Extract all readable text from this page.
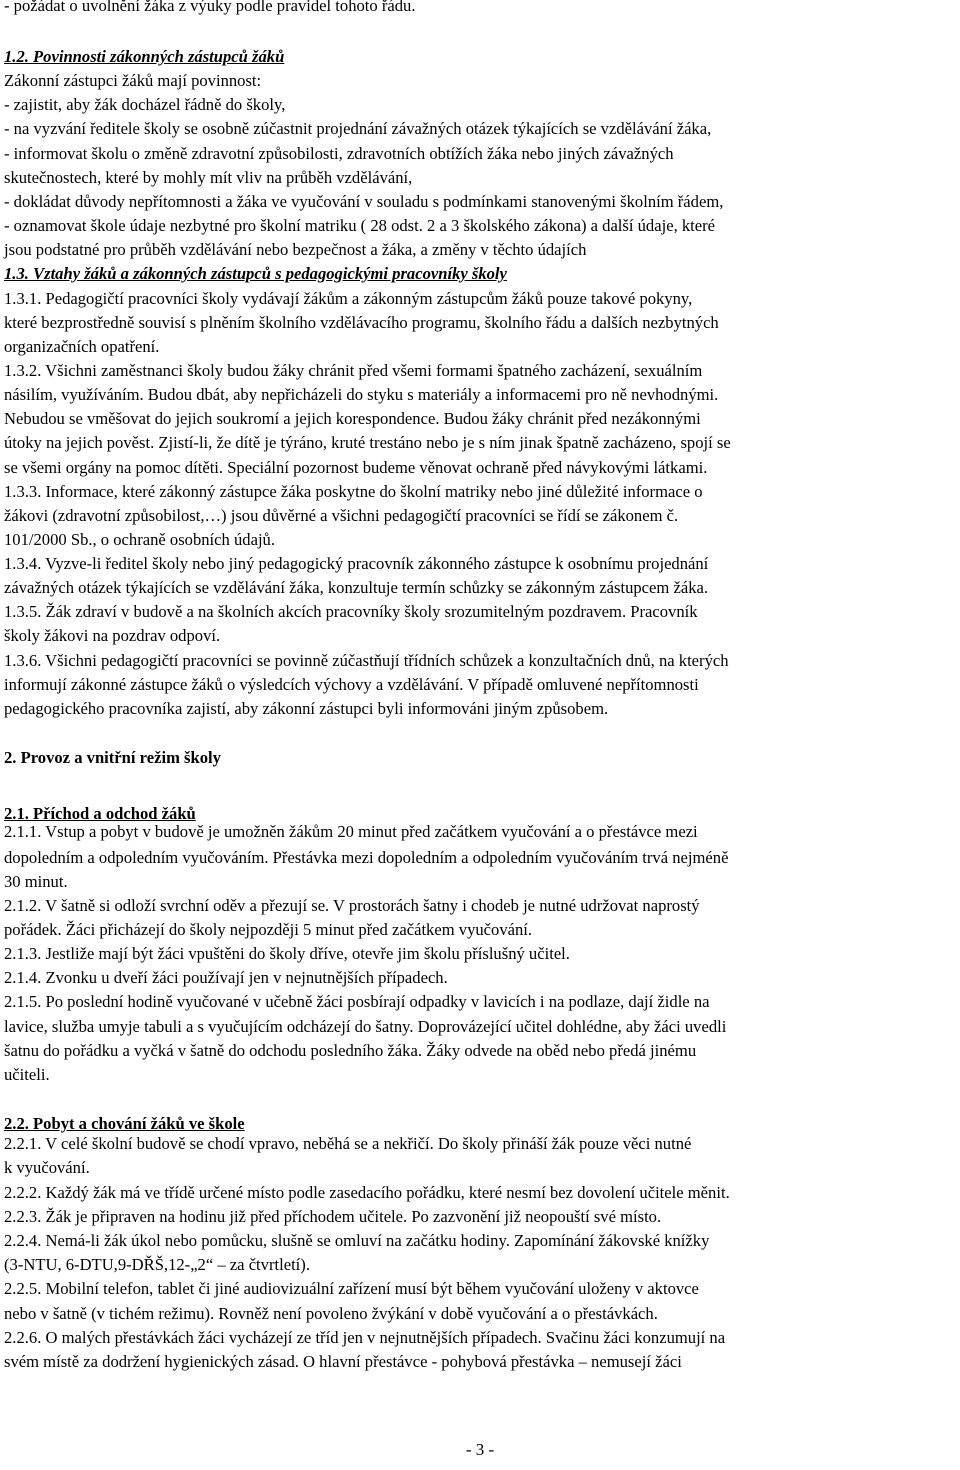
- požádat o uvolnění žáka z výuky podle pravidel tohoto řádu.
1.2. Povinnosti zákonných zástupců žáků
Zákonní zástupci žáků mají povinnost:
- zajistit, aby žák docházel řádně do školy,
- na vyzvání ředitele školy se osobně zúčastnit projednání závažných otázek týkajících se vzdělávání žáka,
- informovat školu o změně zdravotní způsobilosti, zdravotních obtížích žáka nebo jiných závažných
skutečnostech, které by mohly mít vliv na průběh vzdělávání,
- dokládat důvody nepřítomnosti a žáka ve vyučování v souladu s podmínkami stanovenými školním řádem,
- oznamovat škole údaje nezbytné pro školní matriku ( 28 odst. 2 a 3 školského zákona) a další údaje, které
jsou podstatné pro průběh vzdělávání nebo bezpečnost a žáka, a změny v těchto údajích
1.3. Vztahy žáků a zákonných zástupců s pedagogickými pracovníky školy
1.3.1. Pedagogičtí pracovníci školy vydávají žákům a zákonným zástupcům žáků pouze takové pokyny,
které bezprostředně souvisí s plněním školního vzdělávacího programu, školního řádu a dalších nezbytných
organizačních opatření.
1.3.2. Všichni zaměstnanci školy budou žáky chránit před všemi formami špatného zacházení, sexuálním
násilím, využíváním. Budou dbát, aby nepřicházeli do styku s materiály a informacemi pro ně nevhodnými.
Nebudou se vměšovat do jejich soukromí a jejich korespondence. Budou žáky chránit před nezákonnými
útoky na jejich pověst. Zjistí-li, že dítě je týráno, kruté trestáno nebo je s ním jinak špatně zacházeno, spojí se
se všemi orgány na pomoc dítěti. Speciální pozornost budeme věnovat ochraně před návykovými látkami.
1.3.3. Informace, které zákonný zástupce žáka poskytne do školní matriky nebo jiné důležité informace o
žákovi (zdravotní způsobilost,…) jsou důvěrné a všichni pedagogičtí pracovníci se řídí se zákonem č.
101/2000 Sb., o ochraně osobních údajů.
1.3.4. Vyzve-li ředitel školy nebo jiný pedagogický pracovník zákonného zástupce k osobnímu projednání
závažných otázek týkajících se vzdělávání žáka, konzultuje termín schůzky se zákonným zástupcem žáka.
1.3.5. Žák zdraví v budově a na školních akcích pracovníky školy srozumitelným pozdravem. Pracovník
školy žákovi na pozdrav odpoví.
1.3.6. Všichni pedagogičtí pracovníci se povinně zúčastňují třídních schůzek a konzultačních dnů, na kterých
informují zákonné zástupce žáků o výsledcích výchovy a vzdělávání. V případě omluvené nepřítomnosti
pedagogického pracovníka zajistí, aby zákonní zástupci byli informováni jiným způsobem.
2. Provoz a vnitřní režim školy
2.1. Příchod a odchod žáků
2.1.1. Vstup a pobyt v budově je umožněn žákům 20 minut před začátkem vyučování a o přestávce mezi
dopoledním a odpoledním vyučováním. Přestávka mezi dopoledním a odpoledním vyučováním trvá nejméně
30 minut.
2.1.2. V šatně si odloží svrchní oděv a přezují se. V prostorách šatny i chodeb je nutné udržovat naprostý
pořádek. Žáci přicházejí do školy nejpozději 5 minut před začátkem vyučování.
2.1.3. Jestliže mají být žáci vpuštěni do školy dříve, otevře jim školu příslušný učitel.
2.1.4. Zvonku u dveří žáci používají jen v nejnutnějších případech.
2.1.5. Po poslední hodině vyučované v učebně žáci posbírají odpadky v lavicích i na podlaze, dají židle na
lavice, služba umyje tabuli a s vyučujícím odcházejí do šatny. Doprovázející učitel dohlédne, aby žáci uvedli
šatnu do pořádku a vyčká v šatně do odchodu posledního žáka. Žáky odvede na oběd nebo předá jinému
učiteli.
2.2. Pobyt a chování žáků ve škole
2.2.1. V celé školní budově se chodí vpravo, neběhá se a nekřičí. Do školy přináší žák pouze věci nutné
k vyučování.
2.2.2. Každý žák má ve třídě určené místo podle zasedacího pořádku, které nesmí bez dovolení učitele měnit.
2.2.3. Žák je připraven na hodinu již před příchodem učitele. Po zazvonění již neopouští své místo.
2.2.4. Nemá-li žák úkol nebo pomůcku, slušně se omluví na začátku hodiny. Zapomínání žákovské knížky
(3-NTU, 6-DTU,9-DŘŠ,12-„2“ – za čtvrtletí).
2.2.5. Mobilní telefon, tablet či jiné audiovizuální zařízení musí být během vyučování uloženy v aktovce
nebo v šatně (v tichém režimu). Rovněž není povoleno žvýkání v době vyučování a o přestávkách.
2.2.6. O malých přestávkách žáci vycházejí ze tříd jen v nejnutnějších případech. Svačinu žáci konzumují na
svém místě za dodržení hygienických zásad. O hlavní přestávce - pohybová přestávka – nemusejí žáci
- 3 -
